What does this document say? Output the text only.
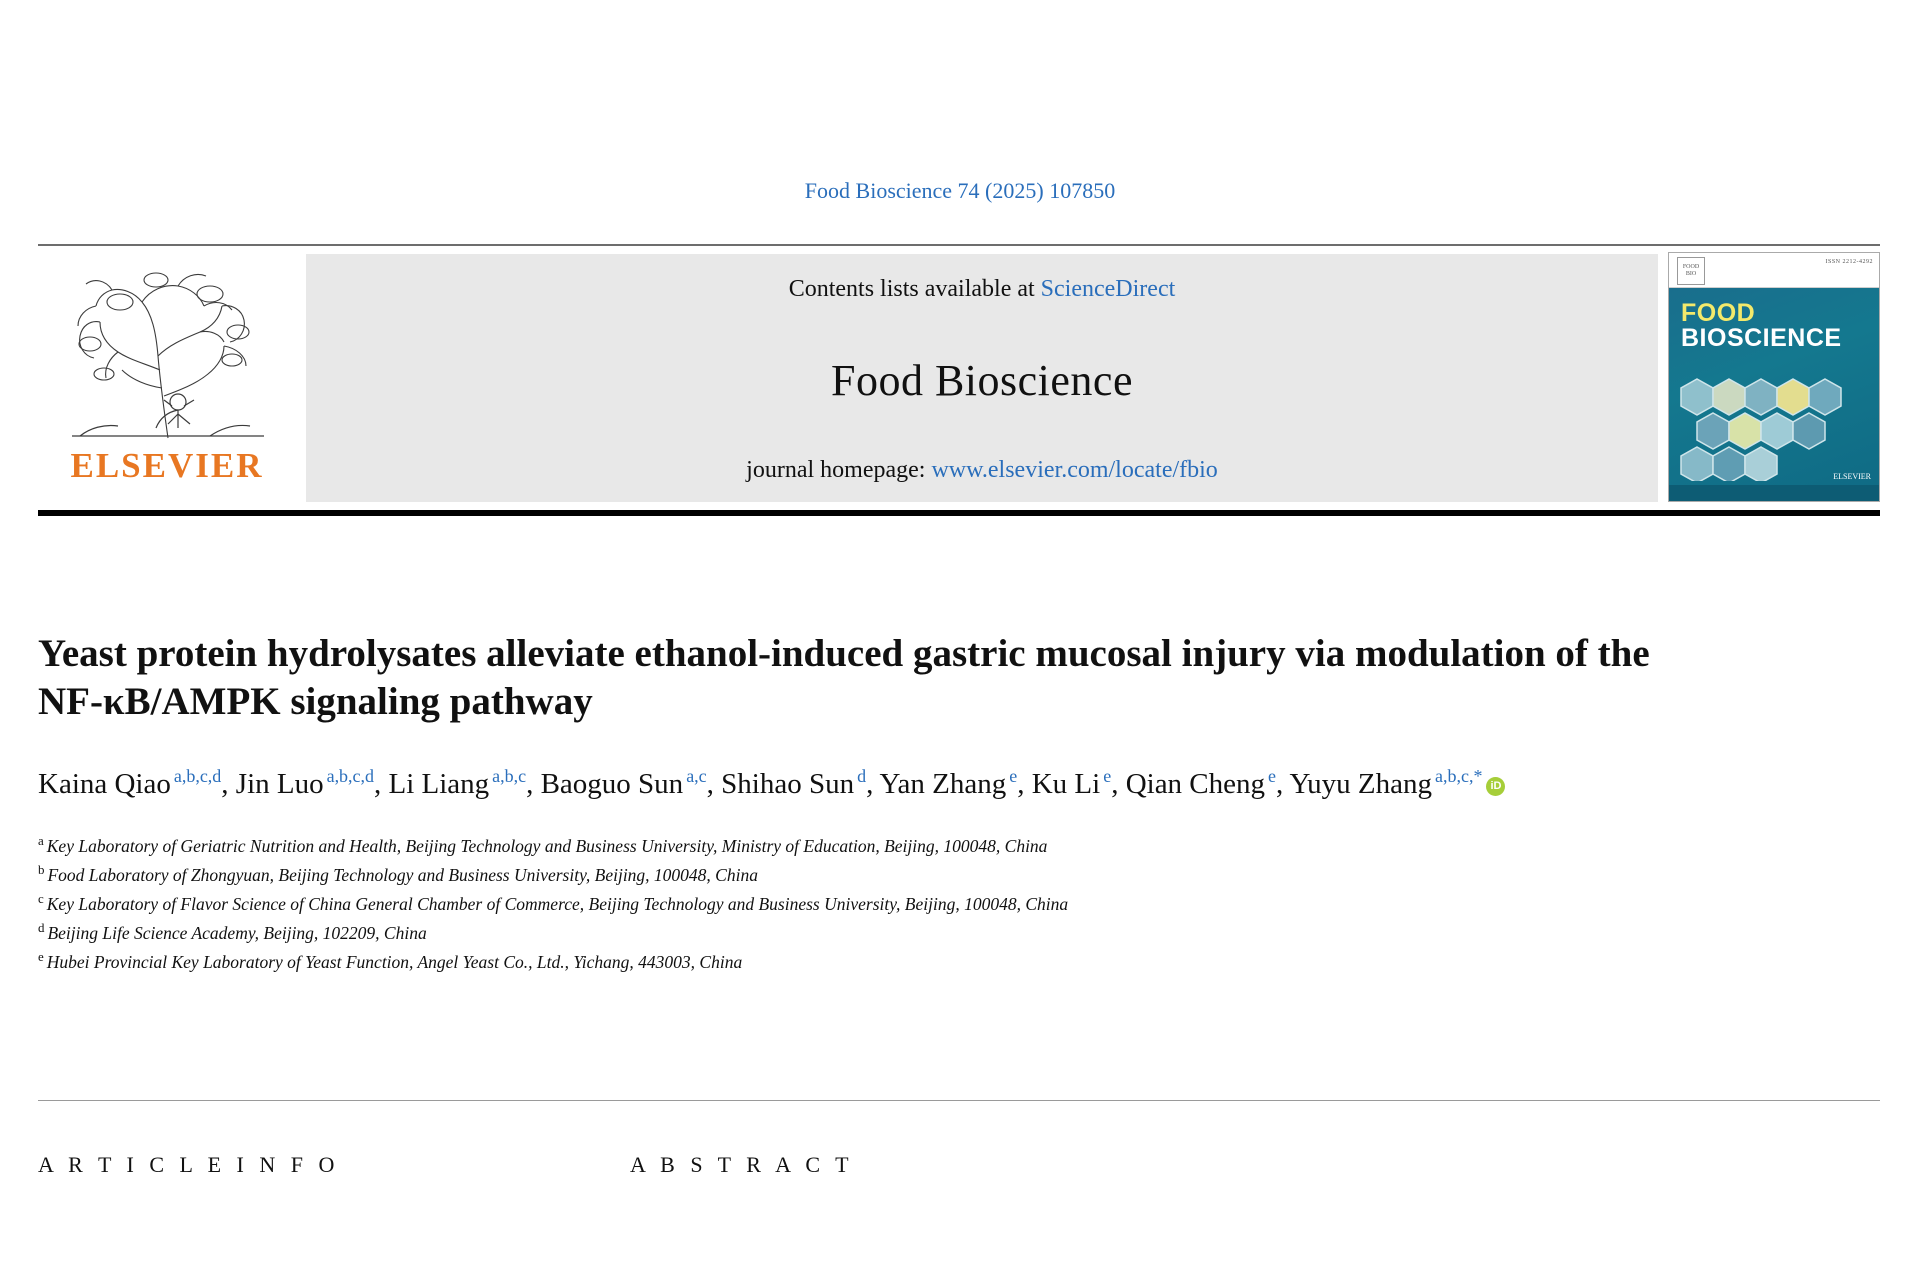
Food Bioscience 74 (2025) 107850
ELSEVIER
Contents lists available at ScienceDirect
Food Bioscience
journal homepage: www.elsevier.com/locate/fbio
FOOD BIO
ISSN 2212-4292
FOOD
BIOSCIENCE
ELSEVIER
Yeast protein hydrolysates alleviate ethanol-induced gastric mucosal injury via modulation of the NF-κB/AMPK signaling pathway
Kaina Qiao $^{a,b,c,d}$, Jin Luo $^{a,b,c,d}$, Li Liang $^{a,b,c}$, Baoguo Sun $^{a,c}$, Shihao Sun $^d$, Yan Zhang $^e$, Ku Li $^e$, Qian Cheng $^e$, Yuyu Zhang $^{a,b,c,*}$ iD
$^a$ Key Laboratory of Geriatric Nutrition and Health, Beijing Technology and Business University, Ministry of Education, Beijing, 100048, China
$^b$ Food Laboratory of Zhongyuan, Beijing Technology and Business University, Beijing, 100048, China
$^c$ Key Laboratory of Flavor Science of China General Chamber of Commerce, Beijing Technology and Business University, Beijing, 100048, China
$^d$ Beijing Life Science Academy, Beijing, 102209, China
$^e$ Hubei Provincial Key Laboratory of Yeast Function, Angel Yeast Co., Ltd., Yichang, 443003, China
A R T I C L E I N F O	A B S T R A C T
